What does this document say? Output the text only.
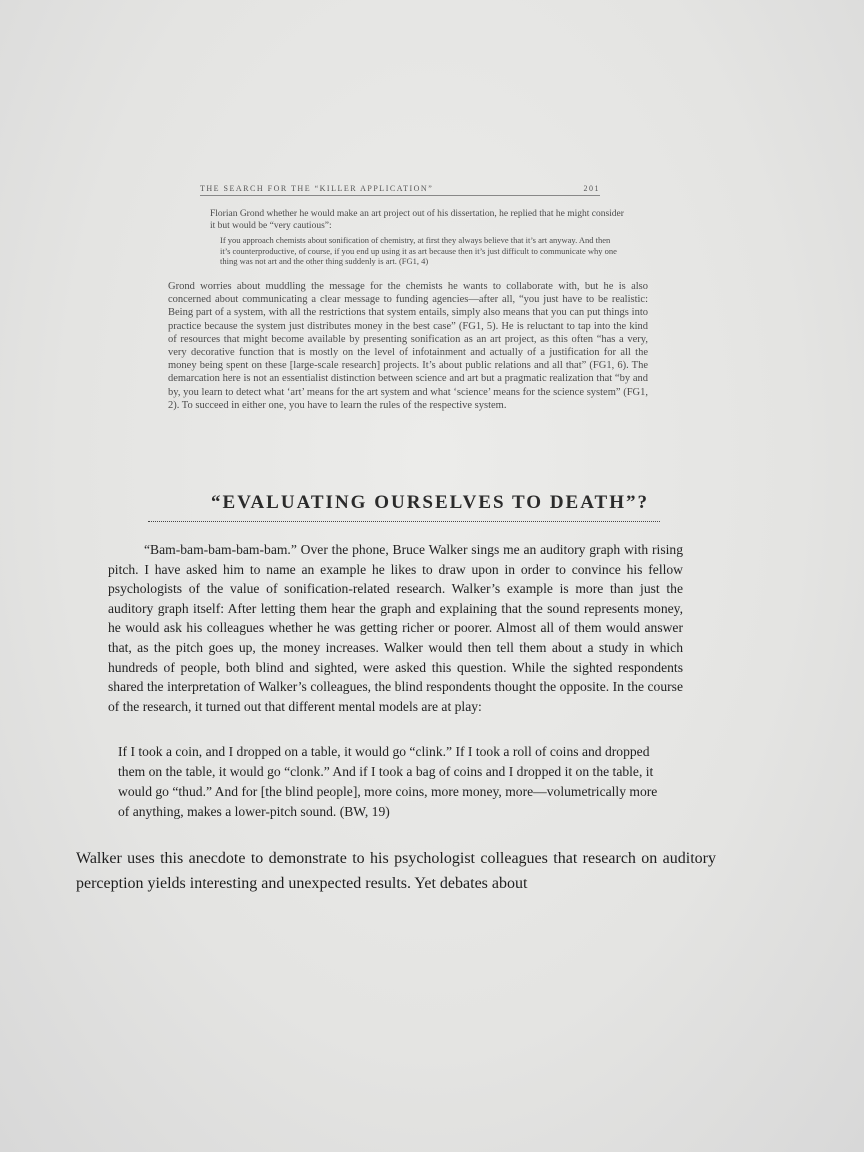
THE SEARCH FOR THE “KILLER APPLICATION”	201

Florian Grond whether he would make an art project out of his dissertation, he replied that he might consider it but would be “very cautious”:

If you approach chemists about sonification of chemistry, at first they always believe that it’s art anyway. And then it’s counterproductive, of course, if you end up using it as art because then it’s just difficult to communicate why one thing was not art and the other thing suddenly is art. (FG1, 4)

Grond worries about muddling the message for the chemists he wants to collaborate with, but he is also concerned about communicating a clear message to funding agencies—after all, “you just have to be realistic: Being part of a system, with all the restrictions that system entails, simply also means that you can put things into practice because the system just distributes money in the best case” (FG1, 5). He is reluctant to tap into the kind of resources that might become available by presenting sonification as an art project, as this often “has a very, very decorative function that is mostly on the level of infotainment and actually of a justification for all the money being spent on these [large-scale research] projects. It’s about public relations and all that” (FG1, 6). The demarcation here is not an essentialist distinction between science and art but a pragmatic realization that “by and by, you learn to detect what ‘art’ means for the art system and what ‘science’ means for the science system” (FG1, 2). To succeed in either one, you have to learn the rules of the respective system.

“EVALUATING OURSELVES TO DEATH”?

“Bam-bam-bam-bam-bam.” Over the phone, Bruce Walker sings me an auditory graph with rising pitch. I have asked him to name an example he likes to draw upon in order to convince his fellow psychologists of the value of sonification-related research. Walker’s example is more than just the auditory graph itself: After letting them hear the graph and explaining that the sound represents money, he would ask his colleagues whether he was getting richer or poorer. Almost all of them would answer that, as the pitch goes up, the money increases. Walker would then tell them about a study in which hundreds of people, both blind and sighted, were asked this question. While the sighted respondents shared the interpretation of Walker’s colleagues, the blind respondents thought the opposite. In the course of the research, it turned out that different mental models are at play:

If I took a coin, and I dropped on a table, it would go “clink.” If I took a roll of coins and dropped them on the table, it would go “clonk.” And if I took a bag of coins and I dropped it on the table, it would go “thud.” And for [the blind people], more coins, more money, more—volumetrically more of anything, makes a lower-pitch sound. (BW, 19)

Walker uses this anecdote to demonstrate to his psychologist colleagues that research on auditory perception yields interesting and unexpected results. Yet debates about
